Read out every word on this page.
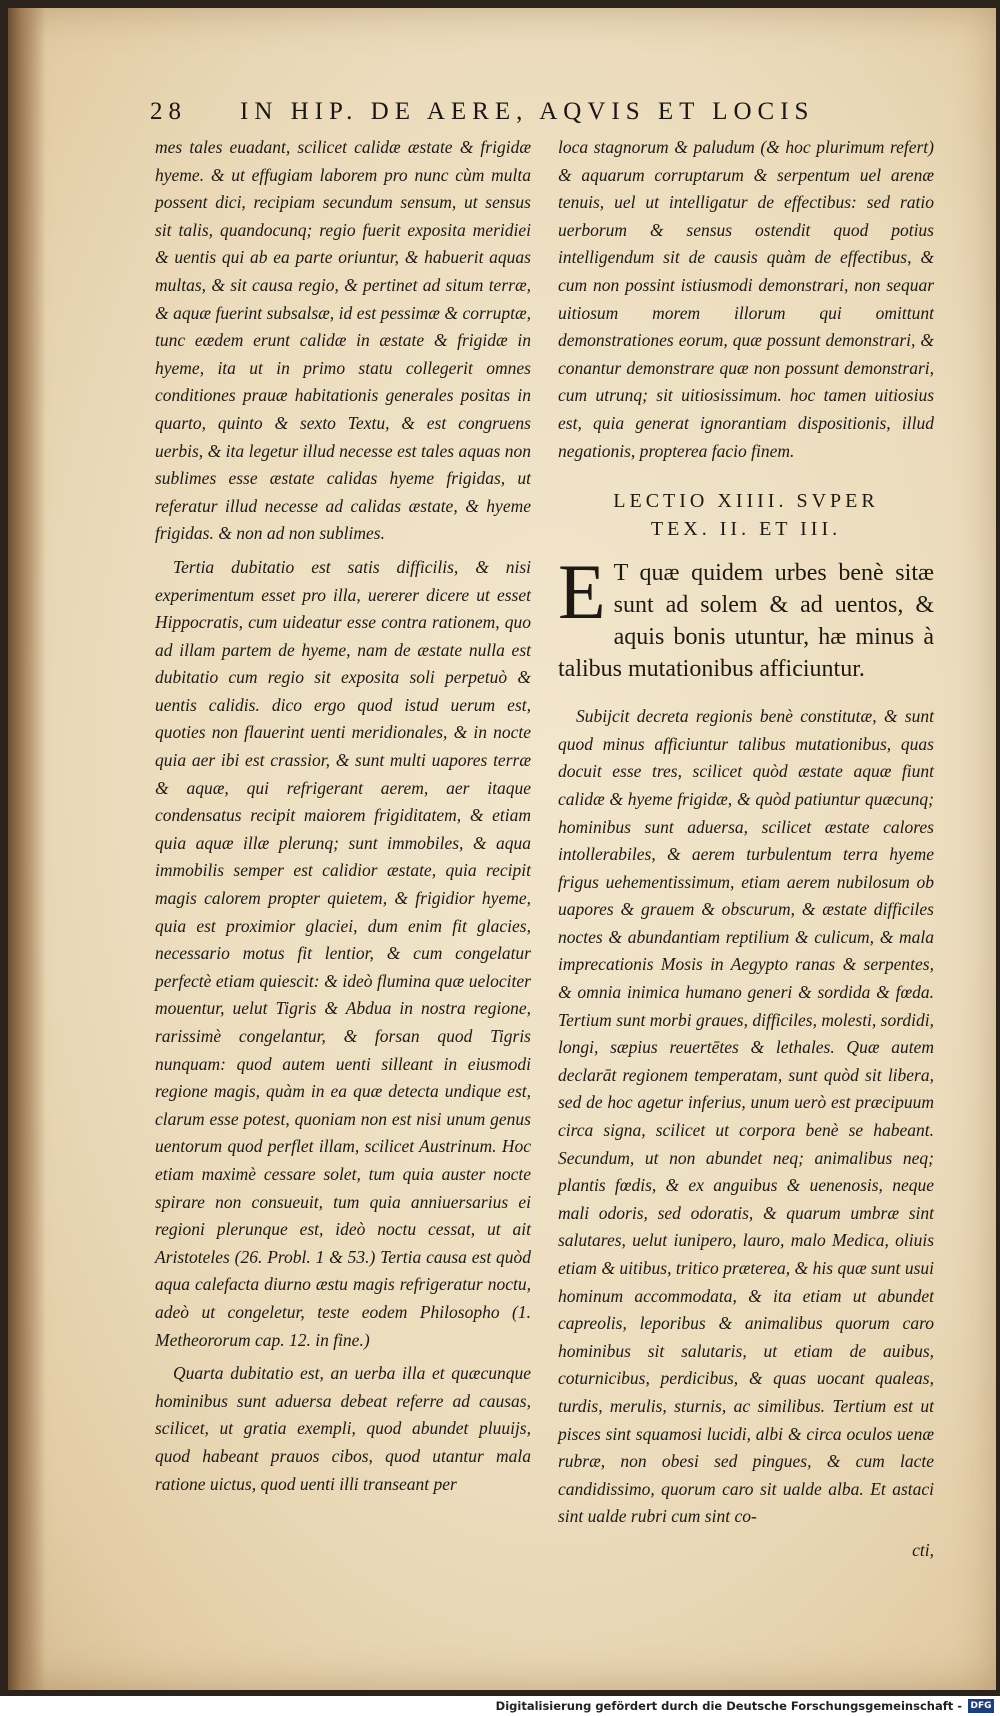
28	IN HIP. DE AERE, AQVIS ET LOCIS

mes tales euadant, scilicet calidæ æstate & frigidæ hyeme. & ut effugiam laborem pro nunc cùm multa possent dici, recipiam secundum sensum, ut sensus sit talis, quandocunq; regio fuerit exposita meridiei & uentis qui ab ea parte oriuntur, & habuerit aquas multas, & sit causa regio, & pertinet ad situm terræ, & aquæ fuerint subsalsæ, id est pessimæ & corruptæ, tunc eædem erunt calidæ in æstate & frigidæ in hyeme, ita ut in primo statu collegerit omnes conditiones prauæ habitationis generales positas in quarto, quinto & sexto Textu, & est congruens uerbis, & ita legetur illud necesse est tales aquas non sublimes esse æstate calidas hyeme frigidas, ut referatur illud necesse ad calidas æstate, & hyeme frigidas. & non ad non sublimes.

Tertia dubitatio est satis difficilis, & nisi experimentum esset pro illa, uererer dicere ut esset Hippocratis, cum uideatur esse contra rationem, quo ad illam partem de hyeme, nam de æstate nulla est dubitatio cum regio sit exposita soli perpetuò & uentis calidis. dico ergo quod istud uerum est, quoties non flauerint uenti meridionales, & in nocte quia aer ibi est crassior, & sunt multi uapores terræ & aquæ, qui refrigerant aerem, aer itaque condensatus recipit maiorem frigiditatem, & etiam quia aquæ illæ plerunq; sunt immobiles, & aqua immobilis semper est calidior æstate, quia recipit magis calorem propter quietem, & frigidior hyeme, quia est proximior glaciei, dum enim fit glacies, necessario motus fit lentior, & cum congelatur perfectè etiam quiescit: & ideò flumina quæ uelociter mouentur, uelut Tigris & Abdua in nostra regione, rarissimè congelantur, & forsan quod Tigris nunquam: quod autem uenti silleant in eiusmodi regione magis, quàm in ea quæ detecta undique est, clarum esse potest, quoniam non est nisi unum genus uentorum quod perflet illam, scilicet Austrinum. Hoc etiam maximè cessare solet, tum quia auster nocte spirare non consueuit, tum quia anniuersarius ei regioni plerunque est, ideò noctu cessat, ut ait Aristoteles (26. Probl. 1 & 53.) Tertia causa est quòd aqua calefacta diurno æstu magis refrigeratur noctu, adeò ut congeletur, teste eodem Philosopho (1. Metheororum cap. 12. in fine.)

Quarta dubitatio est, an uerba illa et quæcunque hominibus sunt aduersa debeat referre ad causas, scilicet, ut gratia exempli, quod abundet pluuijs, quod habeant prauos cibos, quod utantur mala ratione uictus, quod uenti illi transeant per

loca stagnorum & paludum (& hoc plurimum refert) & aquarum corruptarum & serpentum uel arenæ tenuis, uel ut intelligatur de effectibus: sed ratio uerborum & sensus ostendit quod potius intelligendum sit de causis quàm de effectibus, & cum non possint istiusmodi demonstrari, non sequar uitiosum morem illorum qui omittunt demonstrationes eorum, quæ possunt demonstrari, & conantur demonstrare quæ non possunt demonstrari, cum utrunq; sit uitiosissimum. hoc tamen uitiosius est, quia generat ignorantiam dispositionis, illud negationis, propterea facio finem.

LECTIO XIIII. SVPER
TEX. II. ET III.
E T quæ quidem urbes benè sitæ sunt ad solem & ad uentos, & aquis bonis utuntur, hæ minus à talibus mutationibus afficiuntur.

Subijcit decreta regionis benè constitutæ, & sunt quod minus afficiuntur talibus mutationibus, quas docuit esse tres, scilicet quòd æstate aquæ fiunt calidæ & hyeme frigidæ, & quòd patiuntur quæcunq; hominibus sunt aduersa, scilicet æstate calores intollerabiles, & aerem turbulentum terra hyeme frigus uehementissimum, etiam aerem nubilosum ob uapores & grauem & obscurum, & æstate difficiles noctes & abundantiam reptilium & culicum, & mala imprecationis Mosis in Aegypto ranas & serpentes, & omnia inimica humano generi & sordida & fœda. Tertium sunt morbi graues, difficiles, molesti, sordidi, longi, sæpius reuertētes & lethales. Quæ autem declarāt regionem temperatam, sunt quòd sit libera, sed de hoc agetur inferius, unum uerò est præcipuum circa signa, scilicet ut corpora benè se habeant. Secundum, ut non abundet neq; animalibus neq; plantis fœdis, & ex anguibus & uenenosis, neque mali odoris, sed odoratis, & quarum umbræ sint salutares, uelut iunipero, lauro, malo Medica, oliuis etiam & uitibus, tritico præterea, & his quæ sunt usui hominum accommodata, & ita etiam ut abundet capreolis, leporibus & animalibus quorum caro hominibus sit salutaris, ut etiam de auibus, coturnicibus, perdicibus, & quas uocant qualeas, turdis, merulis, sturnis, ac similibus. Tertium est ut pisces sint squamosi lucidi, albi & circa oculos uenæ rubræ, non obesi sed pingues, & cum lacte candidissimo, quorum caro sit ualde alba. Et astaci sint ualde rubri cum sint co-

cti,

Digitalisierung gefördert durch die Deutsche Forschungsgemeinschaft - DFG
